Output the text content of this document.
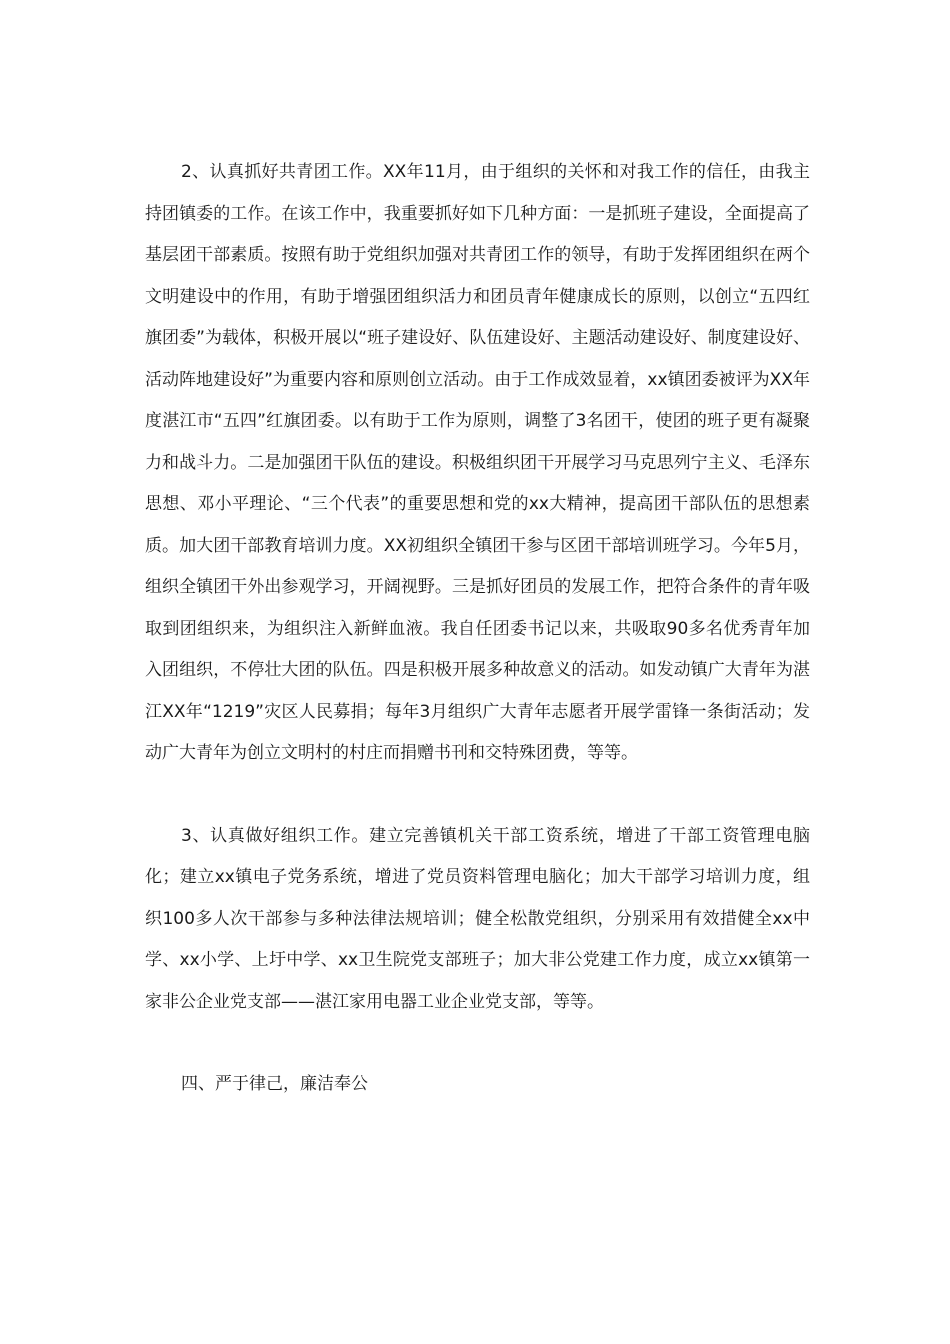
2、认真抓好共青团工作。XX年11月，由于组织的关怀和对我工作的信任，由我主持团镇委的工作。在该工作中，我重要抓好如下几种方面：一是抓班子建设，全面提高了基层团干部素质。按照有助于党组织加强对共青团工作的领导，有助于发挥团组织在两个文明建设中的作用，有助于增强团组织活力和团员青年健康成长的原则，以创立“五四红旗团委”为载体，积极开展以“班子建设好、队伍建设好、主题活动建设好、制度建设好、活动阵地建设好”为重要内容和原则创立活动。由于工作成效显着，xx镇团委被评为XX年度湛江市“五四”红旗团委。以有助于工作为原则，调整了3名团干，使团的班子更有凝聚力和战斗力。二是加强团干队伍的建设。积极组织团干开展学习马克思列宁主义、毛泽东思想、邓小平理论、“三个代表”的重要思想和党的xx大精神，提高团干部队伍的思想素质。加大团干部教育培训力度。XX初组织全镇团干参与区团干部培训班学习。今年5月，组织全镇团干外出参观学习，开阔视野。三是抓好团员的发展工作，把符合条件的青年吸取到团组织来，为组织注入新鲜血液。我自任团委书记以来，共吸取90多名优秀青年加入团组织，不停壮大团的队伍。四是积极开展多种故意义的活动。如发动镇广大青年为湛江XX年“1219”灾区人民募捐；每年3月组织广大青年志愿者开展学雷锋一条街活动；发动广大青年为创立文明村的村庄而捐赠书刊和交特殊团费，等等。

3、认真做好组织工作。建立完善镇机关干部工资系统，增进了干部工资管理电脑化；建立xx镇电子党务系统，增进了党员资料管理电脑化；加大干部学习培训力度，组织100多人次干部参与多种法律法规培训；健全松散党组织，分别采用有效措健全xx中学、xx小学、上圩中学、xx卫生院党支部班子；加大非公党建工作力度，成立xx镇第一家非公企业党支部——湛江家用电器工业企业党支部，等等。

四、严于律己，廉洁奉公
